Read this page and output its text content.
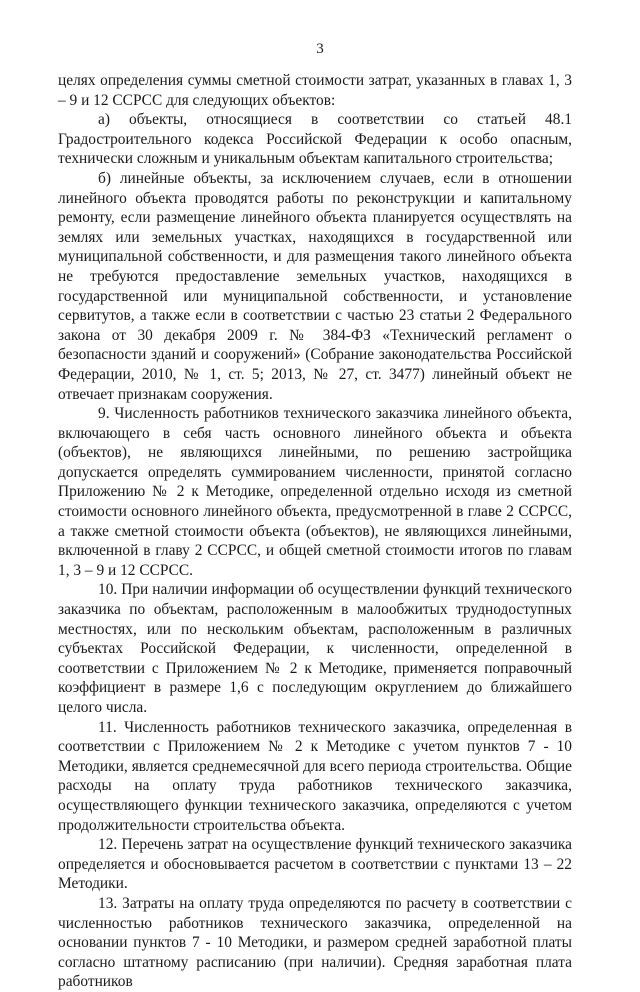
3

целях определения суммы сметной стоимости затрат, указанных в главах 1, 3 – 9 и 12 ССРСС для следующих объектов:

а) объекты, относящиеся в соответствии со статьей 48.1 Градостроительного кодекса Российской Федерации к особо опасным, технически сложным и уникальным объектам капитального строительства;

б) линейные объекты, за исключением случаев, если в отношении линейного объекта проводятся работы по реконструкции и капитальному ремонту, если размещение линейного объекта планируется осуществлять на землях или земельных участках, находящихся в государственной или муниципальной собственности, и для размещения такого линейного объекта не требуются предоставление земельных участков, находящихся в государственной или муниципальной собственности, и установление сервитутов, а также если в соответствии с частью 23 статьи 2 Федерального закона от 30 декабря 2009 г. № 384-ФЗ «Технический регламент о безопасности зданий и сооружений» (Собрание законодательства Российской Федерации, 2010, № 1, ст. 5; 2013, № 27, ст. 3477) линейный объект не отвечает признакам сооружения.

9. Численность работников технического заказчика линейного объекта, включающего в себя часть основного линейного объекта и объекта (объектов), не являющихся линейными, по решению застройщика допускается определять суммированием численности, принятой согласно Приложению № 2 к Методике, определенной отдельно исходя из сметной стоимости основного линейного объекта, предусмотренной в главе 2 ССРСС, а также сметной стоимости объекта (объектов), не являющихся линейными, включенной в главу 2 ССРСС, и общей сметной стоимости итогов по главам 1, 3 – 9 и 12 ССРСС.

10. При наличии информации об осуществлении функций технического заказчика по объектам, расположенным в малообжитых труднодоступных местностях, или по нескольким объектам, расположенным в различных субъектах Российской Федерации, к численности, определенной в соответствии с Приложением № 2 к Методике, применяется поправочный коэффициент в размере 1,6 с последующим округлением до ближайшего целого числа.

11. Численность работников технического заказчика, определенная в соответствии с Приложением № 2 к Методике с учетом пунктов 7 - 10 Методики, является среднемесячной для всего периода строительства. Общие расходы на оплату труда работников технического заказчика, осуществляющего функции технического заказчика, определяются с учетом продолжительности строительства объекта.

12. Перечень затрат на осуществление функций технического заказчика определяется и обосновывается расчетом в соответствии с пунктами 13 – 22 Методики.

13. Затраты на оплату труда определяются по расчету в соответствии с численностью работников технического заказчика, определенной на основании пунктов 7 - 10 Методики, и размером средней заработной платы согласно штатному расписанию (при наличии). Средняя заработная плата работников
